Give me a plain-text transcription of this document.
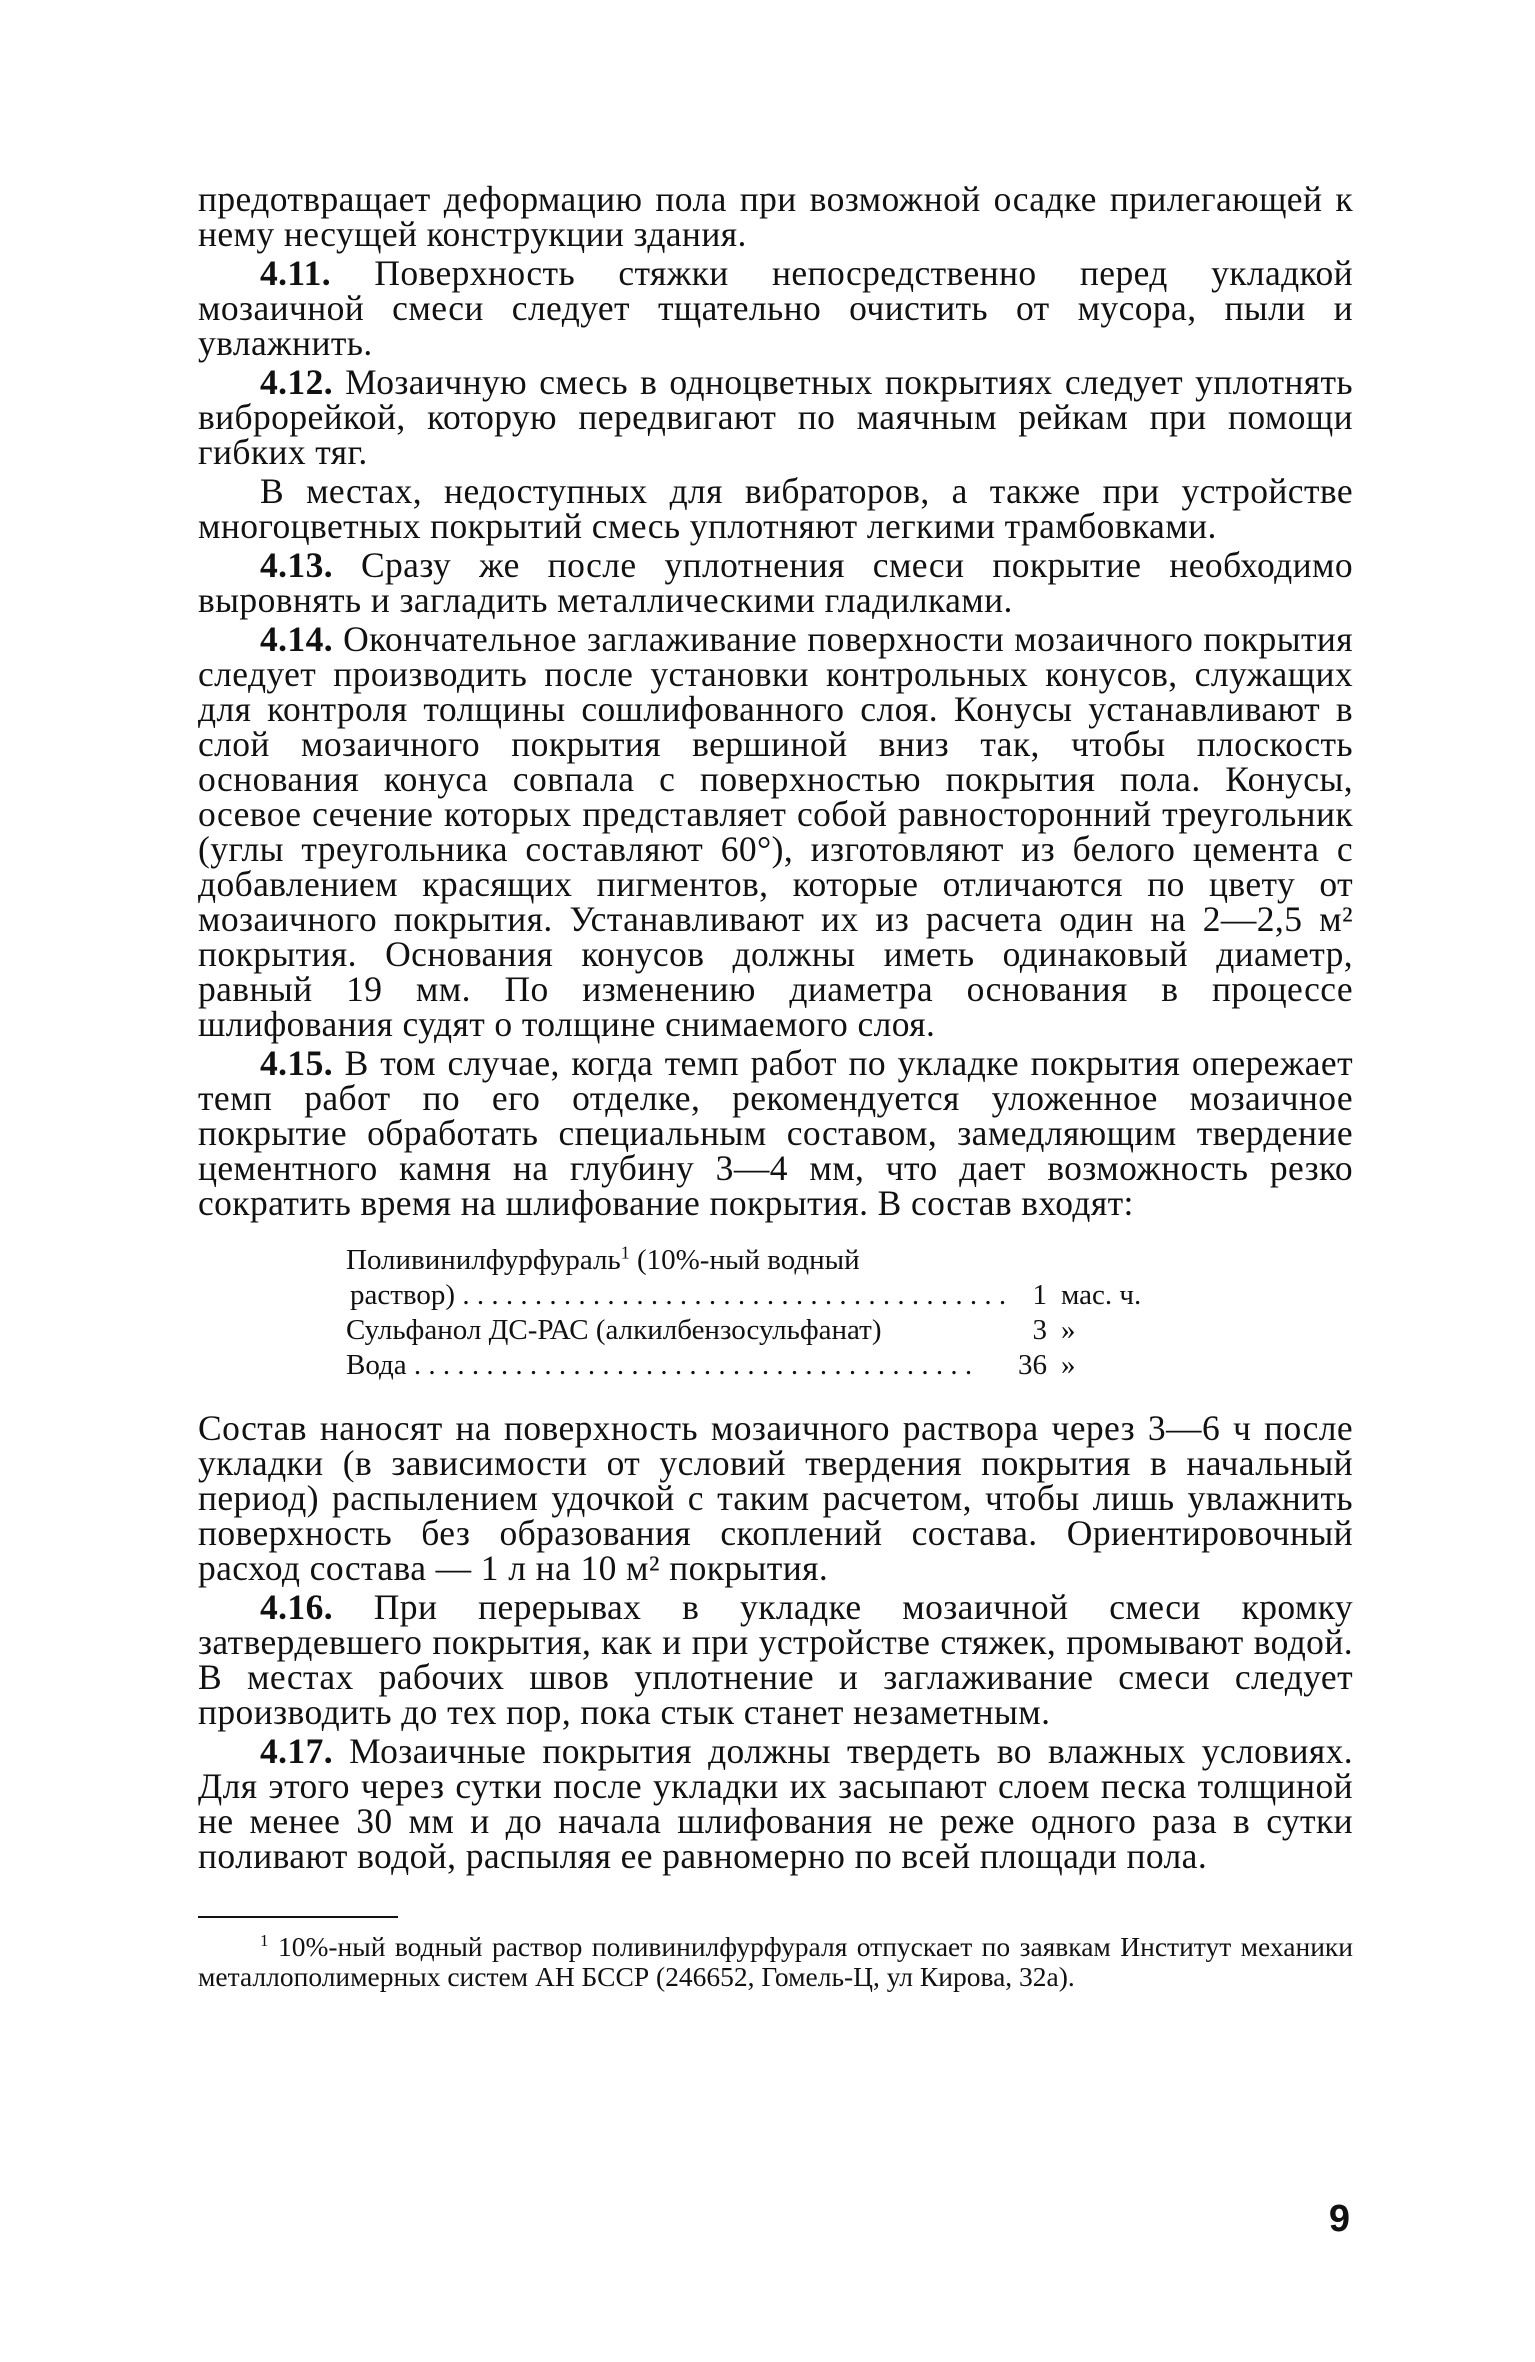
предотвращает деформацию пола при возможной осадке прилегающей к нему несущей конструкции здания.

4.11. Поверхность стяжки непосредственно перед укладкой мозаичной смеси следует тщательно очистить от мусора, пыли и увлажнить.

4.12. Мозаичную смесь в одноцветных покрытиях следует уплотнять виброрейкой, которую передвигают по маячным рейкам при помощи гибких тяг.

В местах, недоступных для вибраторов, а также при устройстве многоцветных покрытий смесь уплотняют легкими трамбовками.

4.13. Сразу же после уплотнения смеси покрытие необходимо выровнять и загладить металлическими гладилками.

4.14. Окончательное заглаживание поверхности мозаичного покрытия следует производить после установки контрольных конусов, служащих для контроля толщины сошлифованного слоя. Конусы устанавливают в слой мозаичного покрытия вершиной вниз так, чтобы плоскость основания конуса совпала с поверхностью покрытия пола. Конусы, осевое сечение которых представляет собой равносторонний треугольник (углы треугольника составляют 60°), изготовляют из белого цемента с добавлением красящих пигментов, которые отличаются по цвету от мозаичного покрытия. Устанавливают их из расчета один на 2—2,5 м² покрытия. Основания конусов должны иметь одинаковый диаметр, равный 19 мм. По изменению диаметра основания в процессе шлифования судят о толщине снимаемого слоя.

4.15. В том случае, когда темп работ по укладке покрытия опережает темп работ по его отделке, рекомендуется уложенное мозаичное покрытие обработать специальным составом, замедляющим твердение цементного камня на глубину 3—4 мм, что дает возможность резко сократить время на шлифование покрытия. В состав входят:

Поливинилфурфураль$^1$ (10%-ный водный
раствор) . . .	1 мас. ч.
Сульфанол ДС-РАС (алкилбензосульфанат)	3 »
Вода . . .	36 »

Состав наносят на поверхность мозаичного раствора через 3—6 ч после укладки (в зависимости от условий твердения покрытия в начальный период) распылением удочкой с таким расчетом, чтобы лишь увлажнить поверхность без образования скоплений состава. Ориентировочный расход состава — 1 л на 10 м² покрытия.

4.16. При перерывах в укладке мозаичной смеси кромку затвердевшего покрытия, как и при устройстве стяжек, промывают водой. В местах рабочих швов уплотнение и заглаживание смеси следует производить до тех пор, пока стык станет незаметным.

4.17. Мозаичные покрытия должны твердеть во влажных условиях. Для этого через сутки после укладки их засыпают слоем песка толщиной не менее 30 мм и до начала шлифования не реже одного раза в сутки поливают водой, распыляя ее равномерно по всей площади пола.

$^1$ 10%-ный водный раствор поливинилфурфураля отпускает по заявкам Институт механики металлополимерных систем АН БССР (246652, Гомель-Ц, ул Кирова, 32а).

9
